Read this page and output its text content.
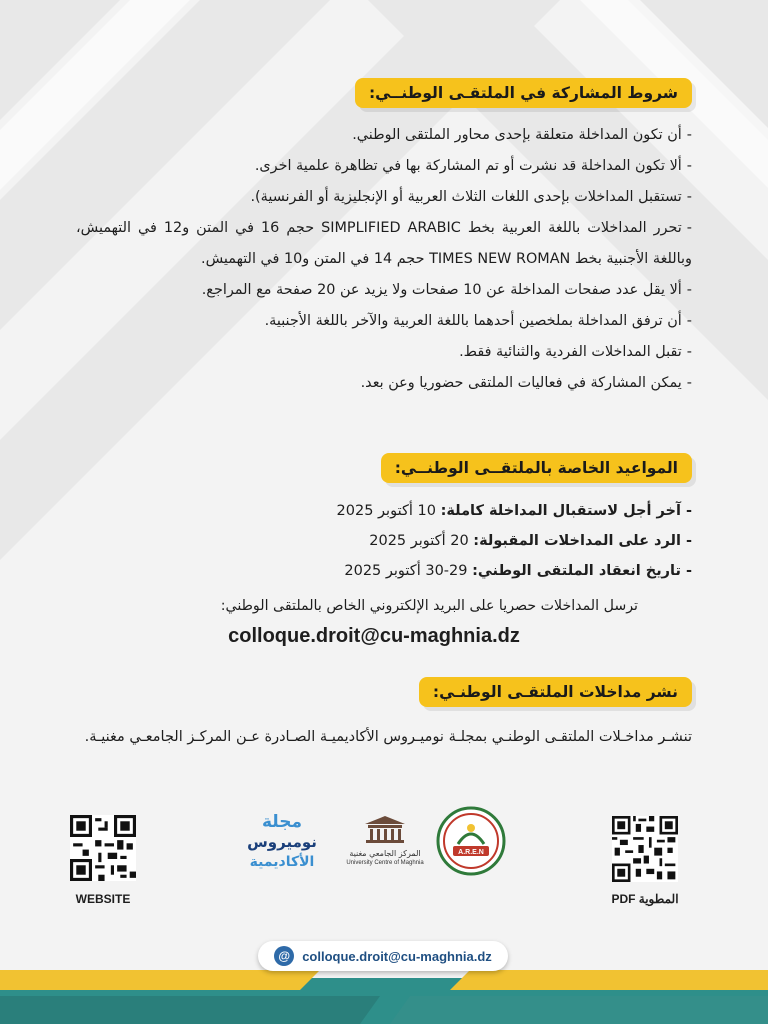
شروط المشاركة في الملتقـى الوطنــي:
-أن تكون المداخلة متعلقة بإحدى محاور الملتقى الوطني.
-ألا تكون المداخلة قد نشرت أو تم المشاركة بها في تظاهرة علمية اخرى.
-تستقبل المداخلات بإحدى اللغات الثلاث العربية أو الإنجليزية أو الفرنسية).
-تحرر المداخلات باللغة العربية بخط SIMPLIFIED ARABIC حجم 16 في المتن و12 في التهميش، وباللغة الأجنبية بخط TIMES NEW ROMAN حجم 14 في المتن و10 في التهميش.
-ألا يقل عدد صفحات المداخلة عن 10 صفحات ولا يزيد عن 20 صفحة مع المراجع.
-أن ترفق المداخلة بملخصين أحدهما باللغة العربية والآخر باللغة الأجنبية.
-تقبل المداخلات الفردية والثنائية فقط.
-يمكن المشاركة في فعاليات الملتقى حضوريا وعن بعد.
المواعيد الخاصة بالملتقــى الوطنــي:
- آخر أجل لاستقبال المداخلة كاملة: 10 أكتوبر 2025
- الرد على المداخلات المقبولة: 20 أكتوبر 2025
- تاريخ انعقاد الملتقى الوطني: 29-30 أكتوبر 2025
ترسل المداخلات حصريا على البريد الإلكتروني الخاص بالملتقى الوطني:
colloque.droit@cu-maghnia.dz
نشر مداخلات الملتقـى الوطنـي:
تنشـر مداخـلات الملتقـى الوطنـي بمجلـة نوميـروس الأكاديميـة الصـادرة عـن المركـز الجامعـي مغنيـة.
WEBSITE
مجلة
نوميروس
الأكاديمية
المركز الجامعي مغنية
University Centre of Maghnia
A.R.E.N
المطوية PDF
@ colloque.droit@cu-maghnia.dz
